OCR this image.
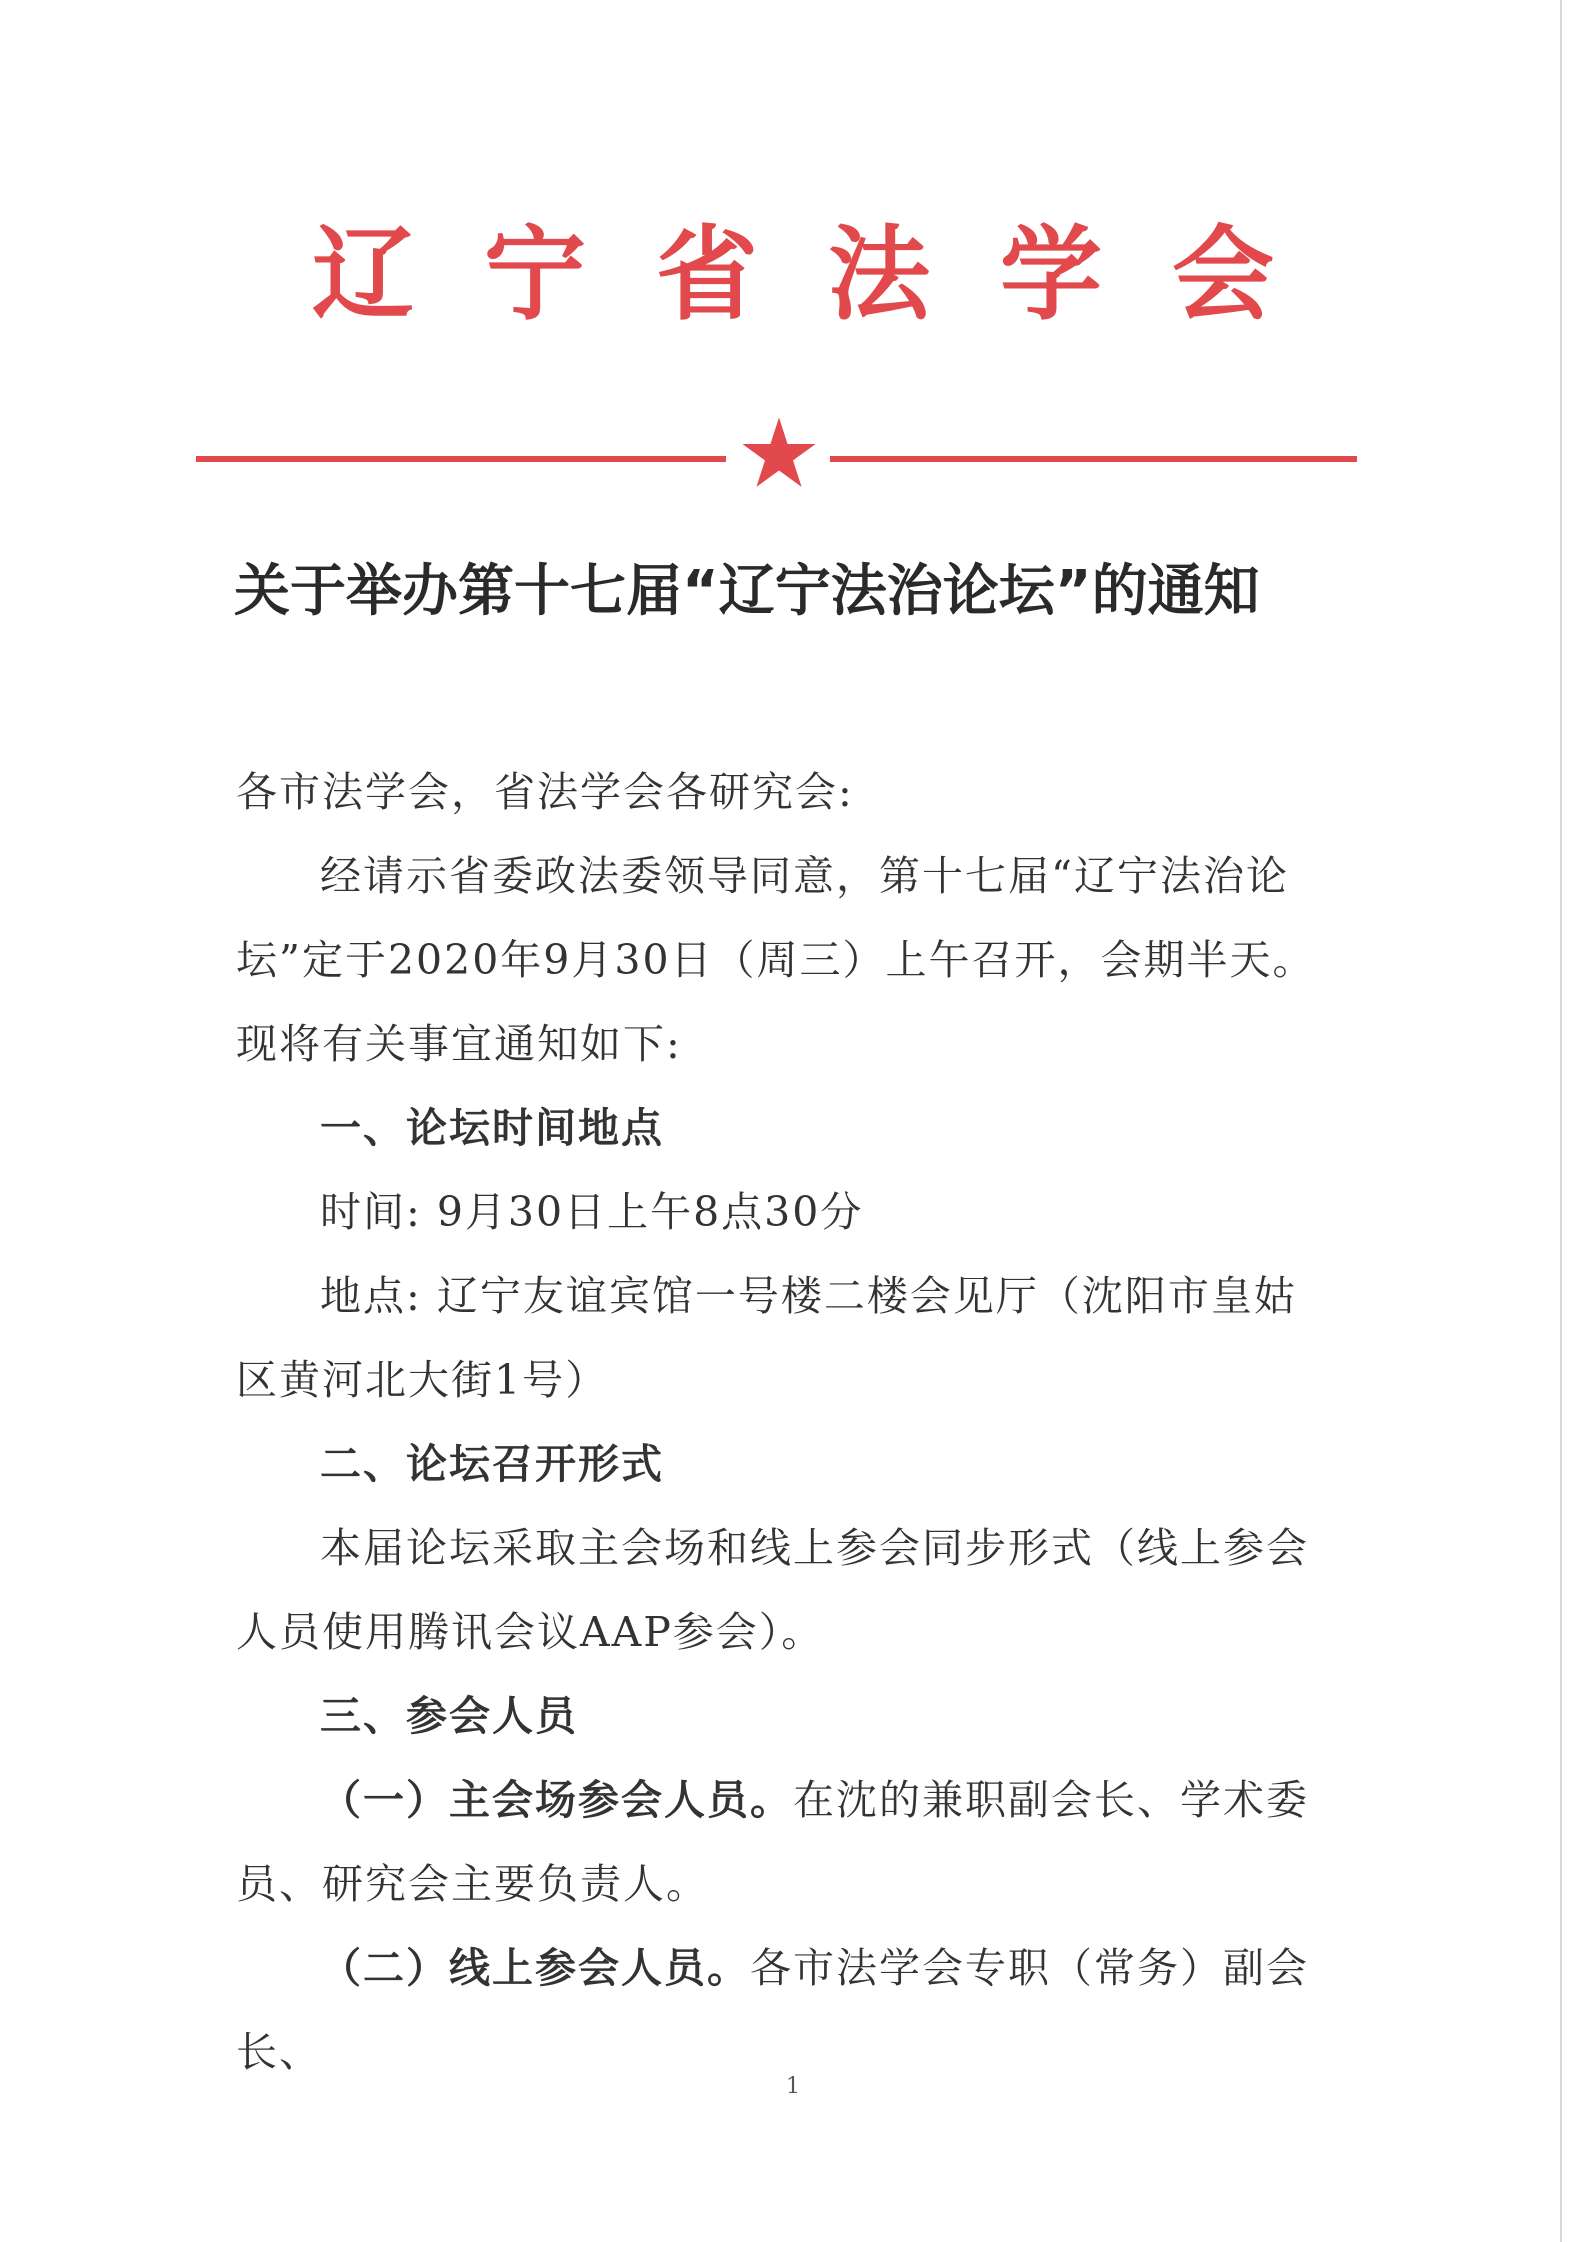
辽宁省法学会
关于举办第十七届“辽宁法治论坛”的通知

各市法学会，省法学会各研究会:

经请示省委政法委领导同意，第十七届“辽宁法治论坛”定于2020年9月30日（周三）上午召开，会期半天。现将有关事宜通知如下:

一、论坛时间地点

时间: 9月30日上午8点30分

地点: 辽宁友谊宾馆一号楼二楼会见厅（沈阳市皇姑区黄河北大街1号）

二、论坛召开形式

本届论坛采取主会场和线上参会同步形式（线上参会人员使用腾讯会议AAP参会）。

三、参会人员

（一）主会场参会人员。在沈的兼职副会长、学术委员、研究会主要负责人。

（二）线上参会人员。各市法学会专职（常务）副会长、

1
